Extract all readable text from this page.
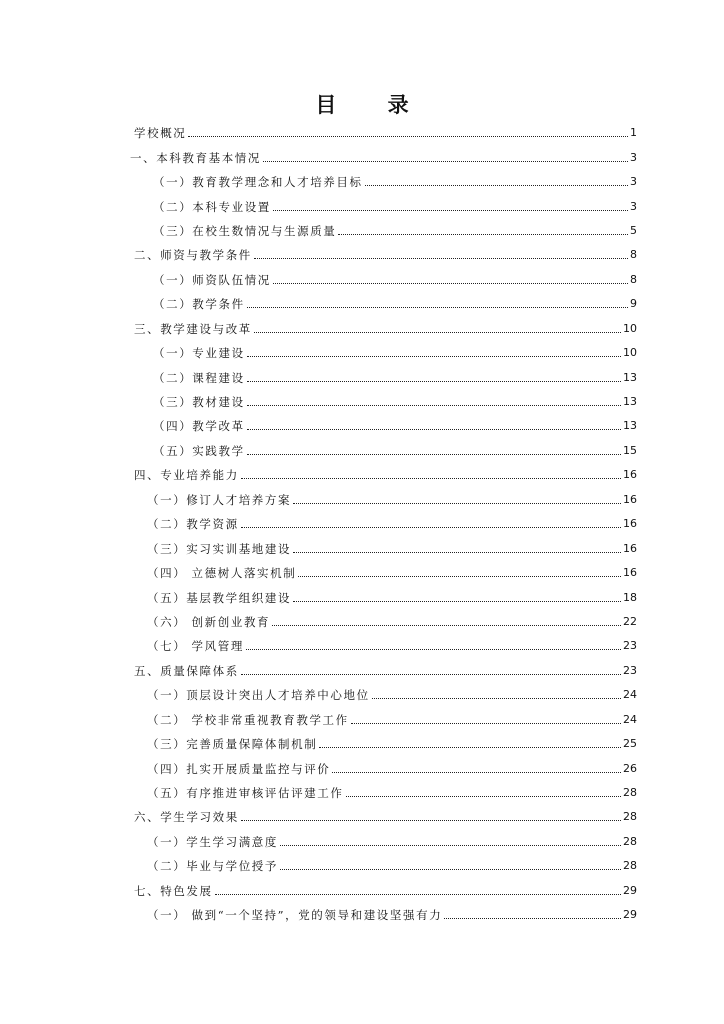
目 录
学校概况	1
一、本科教育基本情况	3
（一）教育教学理念和人才培养目标	3
（二）本科专业设置	3
（三）在校生数情况与生源质量	5
二、师资与教学条件	8
（一）师资队伍情况	8
（二）教学条件	9
三、教学建设与改革	10
（一）专业建设	10
（二）课程建设	13
（三）教材建设	13
（四）教学改革	13
（五）实践教学	15
四、专业培养能力	16
（一）修订人才培养方案	16
（二）教学资源	16
（三）实习实训基地建设	16
（四） 立德树人落实机制	16
（五）基层教学组织建设	18
（六） 创新创业教育	22
（七） 学风管理	23
五、质量保障体系	23
（一）顶层设计突出人才培养中心地位	24
（二） 学校非常重视教育教学工作	24
（三）完善质量保障体制机制	25
（四）扎实开展质量监控与评价	26
（五）有序推进审核评估评建工作	28
六、学生学习效果	28
（一）学生学习满意度	28
（二）毕业与学位授予	28
七、特色发展	29
（一） 做到“一个坚持”，党的领导和建设坚强有力	29
